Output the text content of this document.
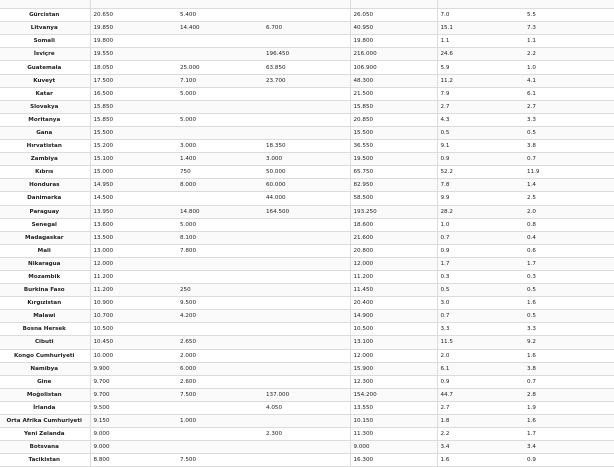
Gürcistan	20.650	5.400		26.050	7.0	5.5
Litvanya	19.850	14.400	6.700	40.950	15.1	7.3
Somali	19.800			19.800	1.1	1.1
İsviçre	19.550		196.450	216.000	24.6	2.2
Guatemala	18.050	25.000	63.850	106.900	5.9	1.0
Kuveyt	17.500	7.100	23.700	48.300	11.2	4.1
Katar	16.500	5.000		21.500	7.9	6.1
Slovakya	15.850			15.850	2.7	2.7
Moritanya	15.850	5.000		20.850	4.3	3.3
Gana	15.500			15.500	0.5	0.5
Hırvatistan	15.200	3.000	18.350	36.550	9.1	3.8
Zambiya	15.100	1.400	3.000	19.500	0.9	0.7
Kıbrıs	15.000	750	50.000	65.750	52.2	11.9
Honduras	14.950	8.000	60.000	82.950	7.8	1.4
Danimarka	14.500		44.000	58.500	9.9	2.5
Paraguay	13.950	14.800	164.500	193.250	28.2	2.0
Senegal	13.600	5.000		18.600	1.0	0.8
Madagaskar	13.500	8.100		21.600	0.7	0.4
Mali	13.000	7.800		20.800	0.9	0.6
Nikaragua	12.000			12.000	1.7	1.7
Mozambik	11.200			11.200	0.3	0.3
Burkina Faso	11.200	250		11.450	0.5	0.5
Kırgızistan	10.900	9.500		20.400	3.0	1.6
Malawi	10.700	4.200		14.900	0.7	0.5
Bosna Hersek	10.500			10.500	3.3	3.3
Cibuti	10.450	2.650		13.100	11.5	9.2
Kongo Cumhuriyeti	10.000	2.000		12.000	2.0	1.6
Namibya	9.900	6.000		15.900	6.1	3.8
Gine	9.700	2.600		12.300	0.9	0.7
Moğolistan	9.700	7.500	137.000	154.200	44.7	2.8
İrlanda	9.500		4.050	13.550	2.7	1.9
Orta Afrika Cumhuriyeti	9.150	1.000		10.150	1.8	1.6
Yeni Zelanda	9.000		2.300	11.300	2.2	1.7
Botsvana	9.000			9.000	3.4	3.4
Tacikistan	8.800	7.500		16.300	1.6	0.9
